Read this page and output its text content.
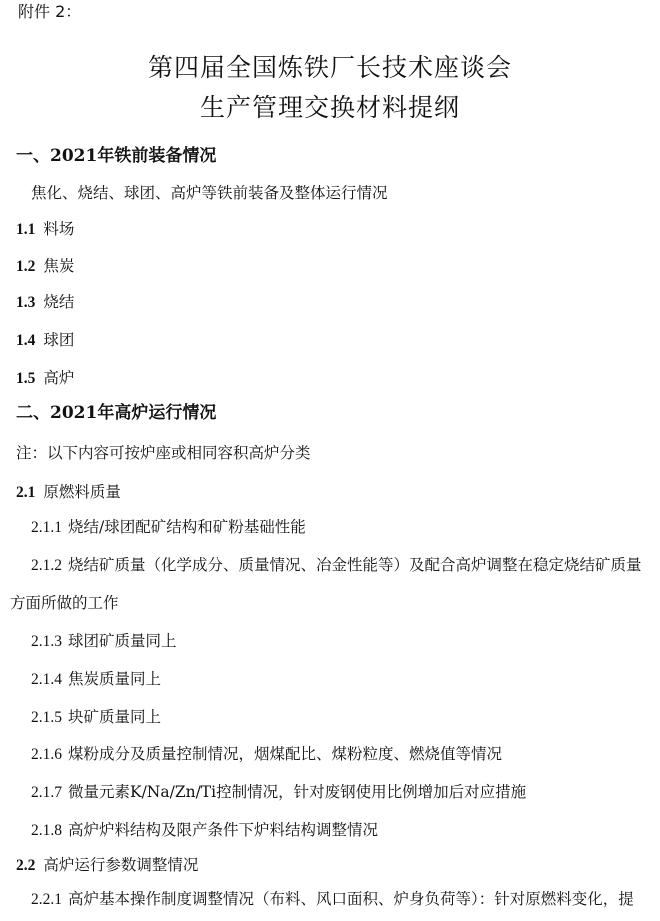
附件 2：
第四届全国炼铁厂长技术座谈会
生产管理交换材料提纲
一、2021年铁前装备情况
焦化、烧结、球团、高炉等铁前装备及整体运行情况
1.1 料场
1.2 焦炭
1.3 烧结
1.4 球团
1.5 高炉
二、2021年高炉运行情况
注：以下内容可按炉座或相同容积高炉分类
2.1 原燃料质量
2.1.1 烧结/球团配矿结构和矿粉基础性能
2.1.2 烧结矿质量（化学成分、质量情况、冶金性能等）及配合高炉调整在稳定烧结矿质量
方面所做的工作
2.1.3 球团矿质量同上
2.1.4 焦炭质量同上
2.1.5 块矿质量同上
2.1.6 煤粉成分及质量控制情况，烟煤配比、煤粉粒度、燃烧值等情况
2.1.7 微量元素K/Na/Zn/Ti控制情况，针对废钢使用比例增加后对应措施
2.1.8 高炉炉料结构及限产条件下炉料结构调整情况
2.2 高炉运行参数调整情况
2.2.1 高炉基本操作制度调整情况（布料、风口面积、炉身负荷等）：针对原燃料变化，提
